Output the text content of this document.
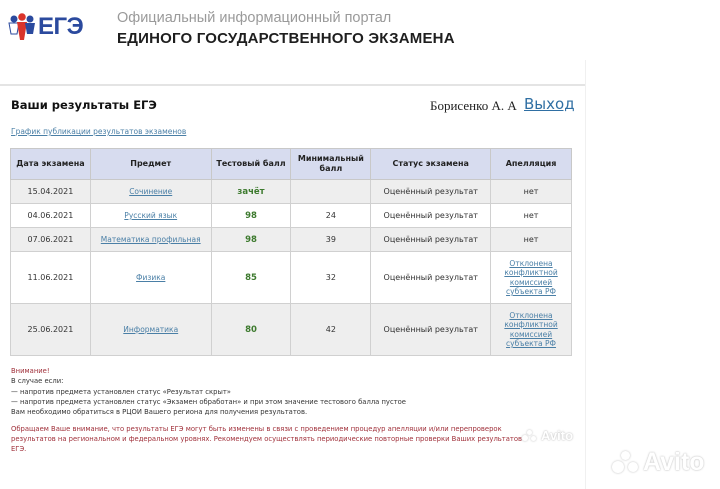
ЕГЭ Официальный информационный портал
ЕДИНОГО ГОСУДАРСТВЕННОГО ЭКЗАМЕНА
Ваши результаты ЕГЭ	Борисенко А. А Выход
График публикации результатов экзаменов
Дата экзамена	Предмет	Тестовый балл	Минимальный балл	Статус экзамена	Апелляция
15.04.2021	Сочинение	зачёт		Оценённый результат	нет
04.06.2021	Русский язык	98	24	Оценённый результат	нет
07.06.2021	Математика профильная	98	39	Оценённый результат	нет
11.06.2021	Физика	85	32	Оценённый результат	Отклонена конфликтной комиссией субъекта РФ
25.06.2021	Информатика	80	42	Оценённый результат	Отклонена конфликтной комиссией субъекта РФ
Внимание!
В случае если:
— напротив предмета установлен статус «Результат скрыт»
— напротив предмета установлен статус «Экзамен обработан» и при этом значение тестового балла пустое
Вам необходимо обратиться в РЦОИ Вашего региона для получения результатов.
Обращаем Ваше внимание, что результаты ЕГЭ могут быть изменены в связи с проведением процедур апелляции и/или перепроверок результатов на региональном и федеральном уровнях. Рекомендуем осуществлять периодические повторные проверки Ваших результатов ЕГЭ.
Avito
Avito
